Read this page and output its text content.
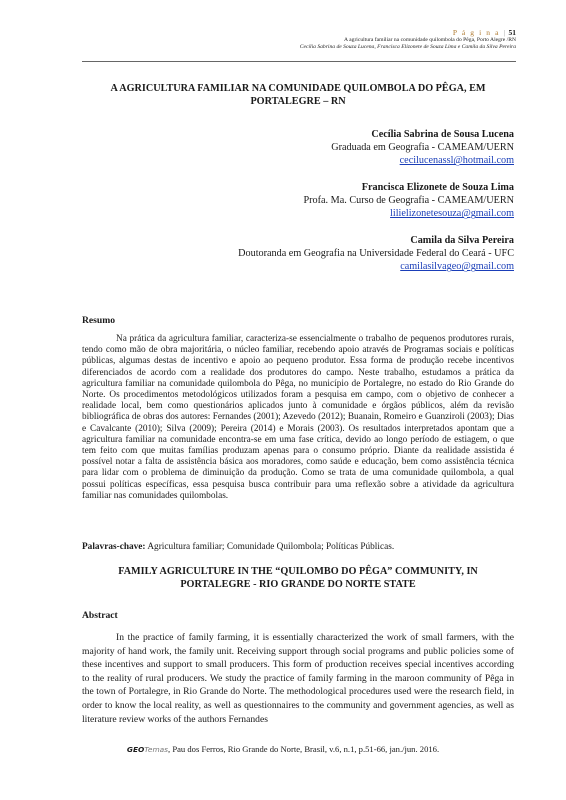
P á g i n a | 51
A agricultura familiar na comunidade quilombola do Pêga, Porto Alegre /RN
Cecília Sabrina de Souza Lucena, Francisca Elizonete de Souza Lima e Camila da Silva Pereira
A AGRICULTURA FAMILIAR NA COMUNIDADE QUILOMBOLA DO PÊGA, EM
PORTALEGRE – RN
Cecília Sabrina de Sousa Lucena
Graduada em Geografia - CAMEAM/UERN
cecilucenassl@hotmail.com
Francisca Elizonete de Souza Lima
Profa. Ma. Curso de Geografia - CAMEAM/UERN
lilielizonetesouza@gmail.com
Camila da Silva Pereira
Doutoranda em Geografia na Universidade Federal do Ceará - UFC
camilasilvageo@gmail.com
Resumo

Na prática da agricultura familiar, caracteriza-se essencialmente o trabalho de pequenos produtores rurais, tendo como mão de obra majoritária, o núcleo familiar, recebendo apoio através de Programas sociais e políticas públicas, algumas destas de incentivo e apoio ao pequeno produtor. Essa forma de produção recebe incentivos diferenciados de acordo com a realidade dos produtores do campo. Neste trabalho, estudamos a prática da agricultura familiar na comunidade quilombola do Pêga, no município de Portalegre, no estado do Rio Grande do Norte. Os procedimentos metodológicos utilizados foram a pesquisa em campo, com o objetivo de conhecer a realidade local, bem como questionários aplicados junto à comunidade e órgãos públicos, além da revisão bibliográfica de obras dos autores: Fernandes (2001); Azevedo (2012); Buanain, Romeiro e Guanziroli (2003); Dias e Cavalcante (2010); Silva (2009); Pereira (2014) e Morais (2003). Os resultados interpretados apontam que a agricultura familiar na comunidade encontra-se em uma fase crítica, devido ao longo período de estiagem, o que tem feito com que muitas famílias produzam apenas para o consumo próprio. Diante da realidade assistida é possível notar a falta de assistência básica aos moradores, como saúde e educação, bem como assistência técnica para lidar com o problema de diminuição da produção. Como se trata de uma comunidade quilombola, a qual possui políticas específicas, essa pesquisa busca contribuir para uma reflexão sobre a atividade da agricultura familiar nas comunidades quilombolas.

Palavras-chave: Agricultura familiar; Comunidade Quilombola; Políticas Públicas.
FAMILY AGRICULTURE IN THE “QUILOMBO DO PÊGA” COMMUNITY, IN
PORTALEGRE - RIO GRANDE DO NORTE STATE
Abstract

In the practice of family farming, it is essentially characterized the work of small farmers, with the majority of hand work, the family unit. Receiving support through social programs and public policies some of these incentives and support to small producers. This form of production receives special incentives according to the reality of rural producers. We study the practice of family farming in the maroon community of Pêga in the town of Portalegre, in Rio Grande do Norte. The methodological procedures used were the research field, in order to know the local reality, as well as questionnaires to the community and government agencies, as well as literature review works of the authors Fernandes

GEOTemas, Pau dos Ferros, Rio Grande do Norte, Brasil, v.6, n.1, p.51-66, jan./jun. 2016.
